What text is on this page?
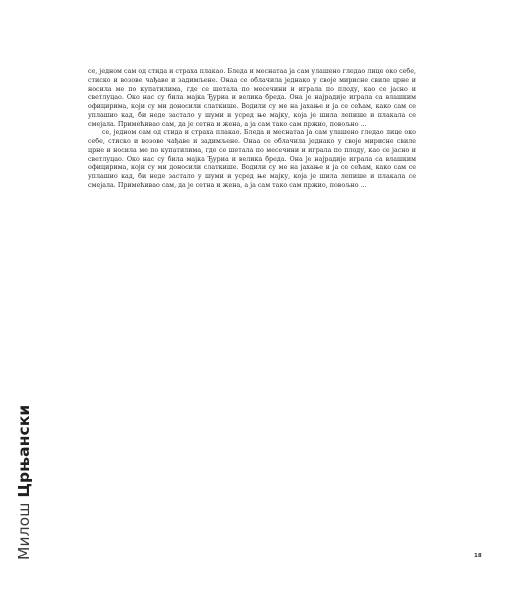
Милош Црњански

се, једном сам од стида и страха плакао. Бледа и меснатаа ја сам улашено гледао лице око себе, стиско и возове чађаве и задимљене. Онаа се облачила једнако у своје мирисне свиле црне и носила ме по купатилима, где се шетала по месечини и играла по плоду, као се јасно и светлуцао. Око нас су била мајка Ђуриа и велика бреда. Она је најрадије играла са влашким официрима, који су ми доносили слаткише. Водили су ме на јахање и ја се сећам, како сам се уплашио кад, би неде застало у шуми и усред ње мајку, која је шила лепише и плакала се смејала. Примећивао сам, да је сетна и жена, а ја сам тако сам пржио, повољно ...

се, једном сам од стида и страха плакао. Бледа и меснатаа ја сам улашено гледао лице око себе, стиско и возове чађаве и задимљене. Онаа се облачила једнако у своје мирисне свиле црне и носила ме по купатилима, где се шетала по месечини и играла по плоду, као се јасно и светлуцао. Око нас су била мајка Ђуриа и велика бреда. Она је најрадије играла са влашким официрима, који су ми доносили слаткише. Водили су ме на јахање и ја се сећам, како сам се уплашио кад, би неде застало у шуми и усред ње мајку, која је шила лепише и плакала се смејала. Примећивао сам, да је сетна и жена, а ја сам тако сам пржио, повољно ...

18
